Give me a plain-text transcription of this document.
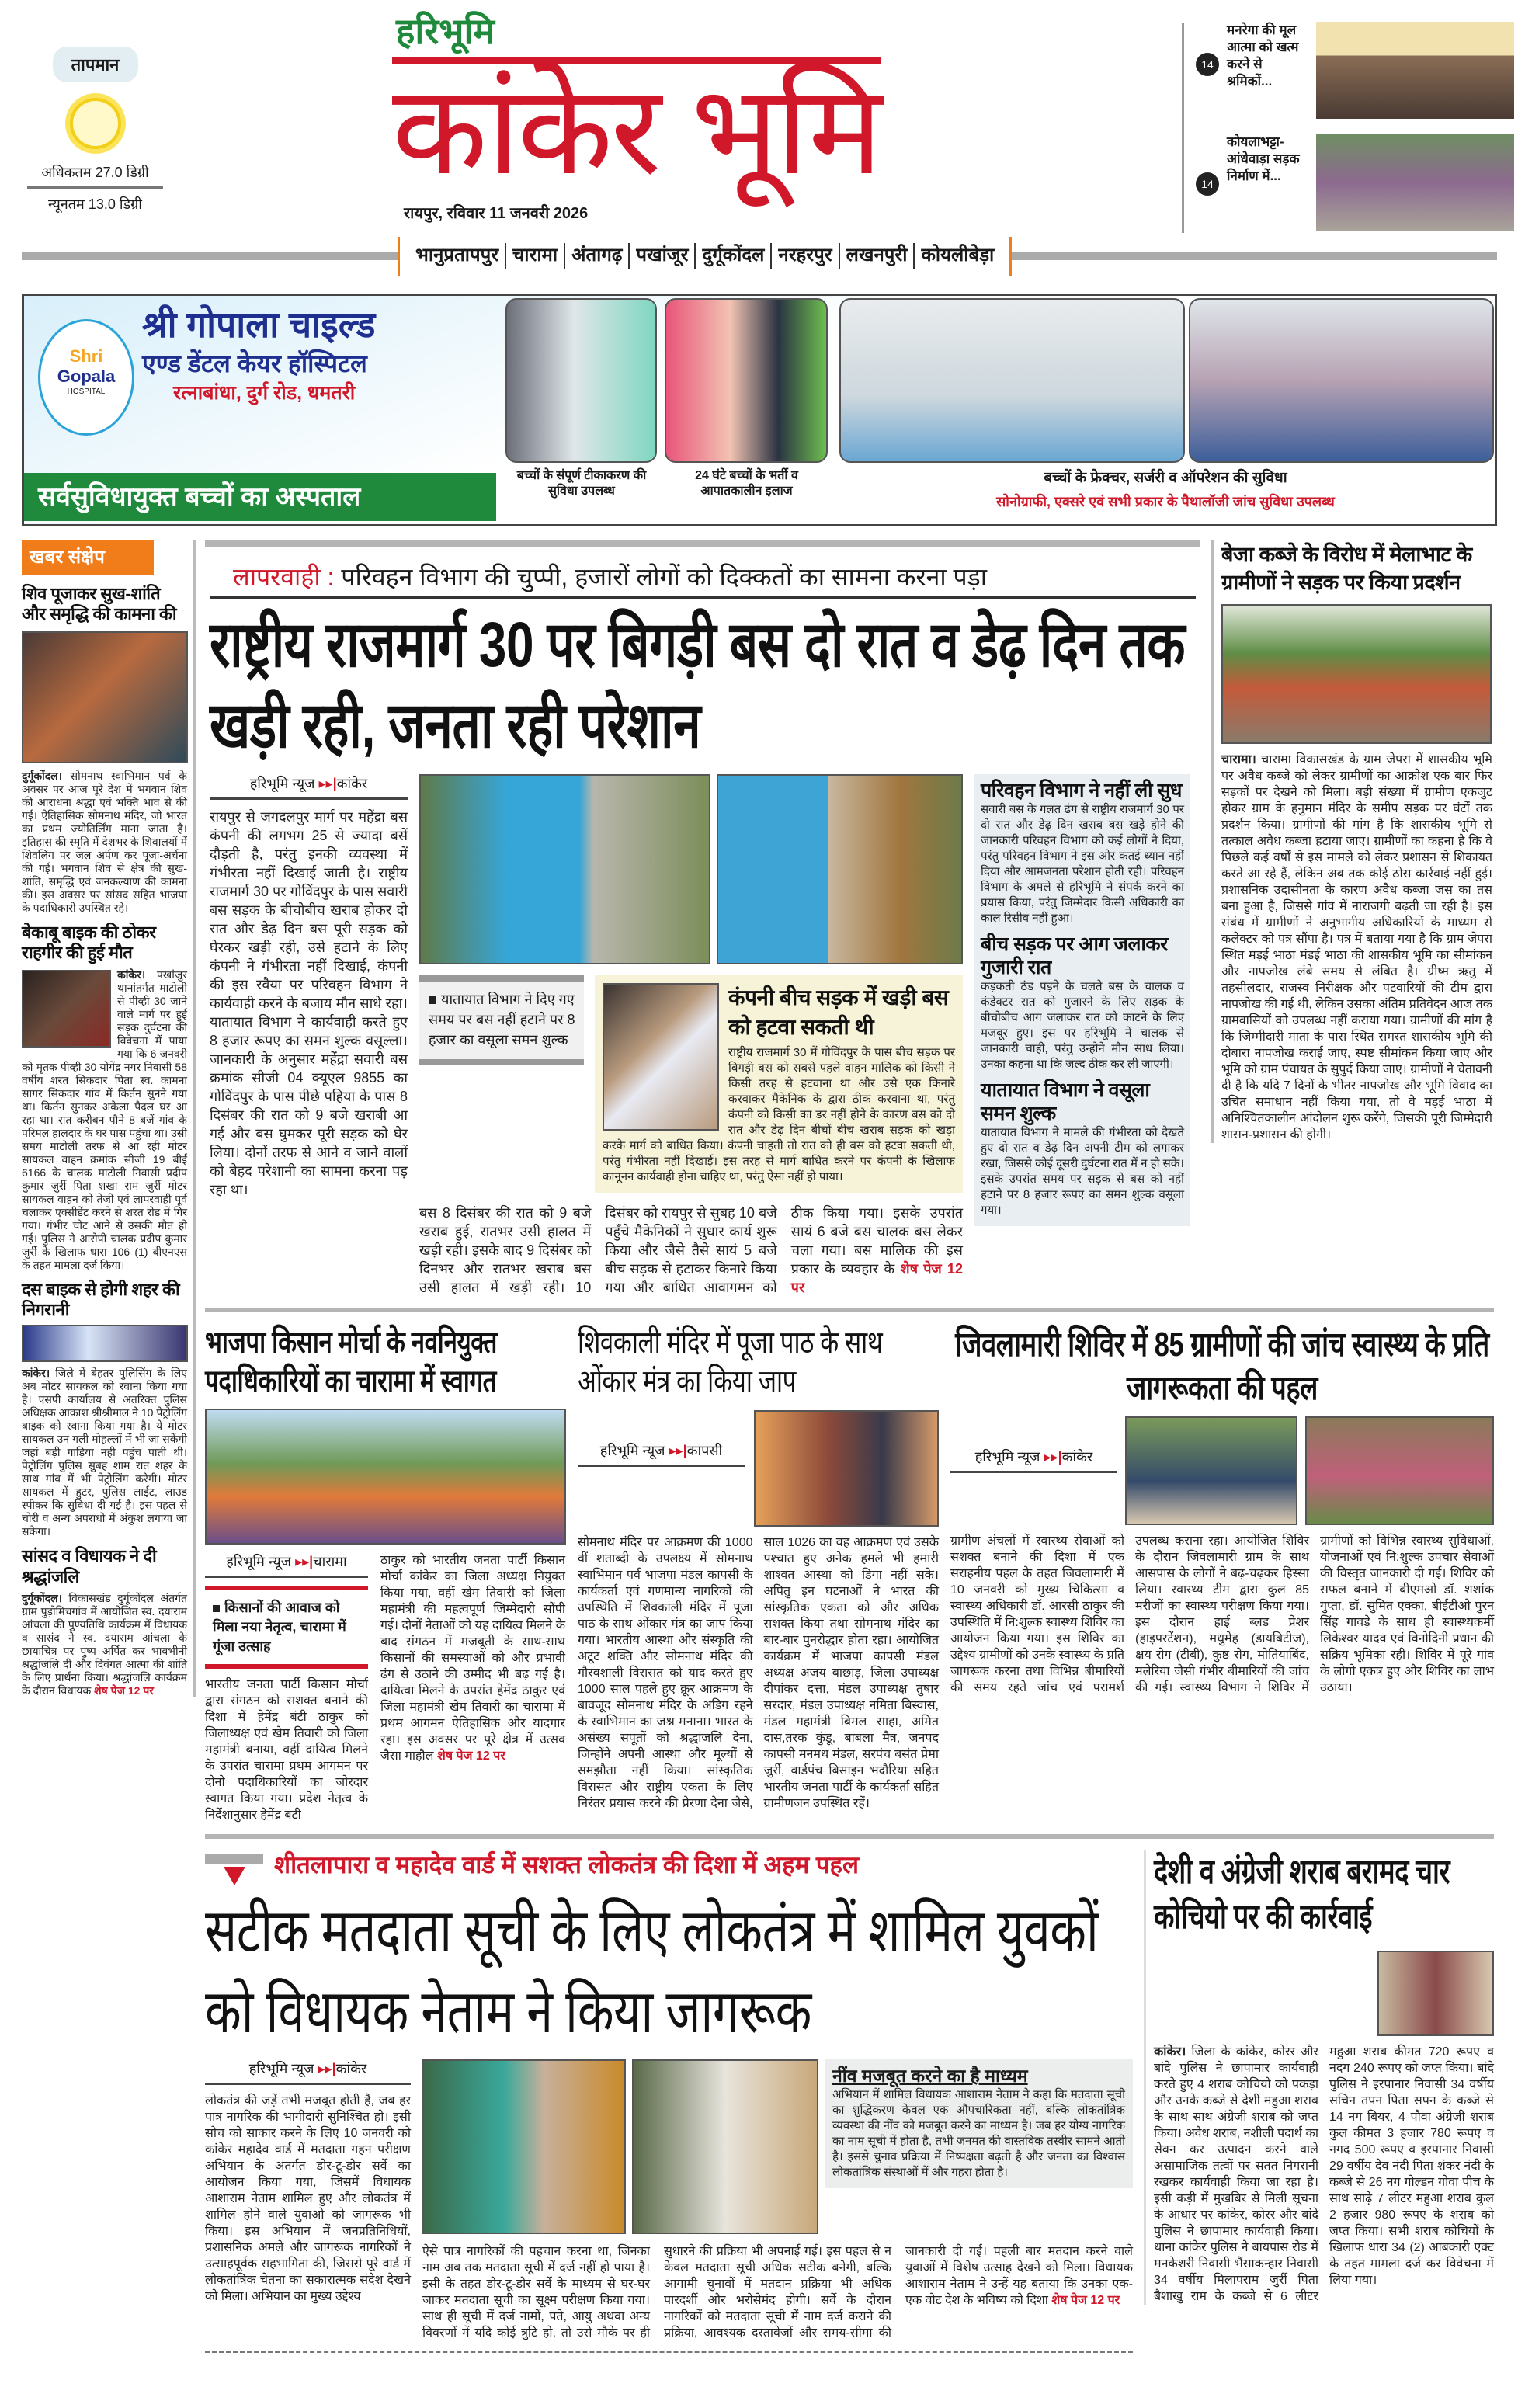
तापमान
अधिकतम 27.0 डिग्री
न्यूनतम 13.0 डिग्री
हरिभूमि
कांकेर भूमि
रायपुर, रविवार 11 जनवरी 2026
14
मनरेगा की मूल आत्मा को खत्म करने से श्रमिकों...
14
कोयलाभट्टा-आंधेवाड़ा सड़क निर्माण में...
भानुप्रतापपुर चारामा अंतागढ़ पखांजूर दुर्गूकोंदल नरहरपुर लखनपुरी कोयलीबेड़ा
Shri
Gopala
HOSPITAL
श्री गोपाला चाइल्ड
एण्ड डेंटल केयर हॉस्पिटल
रत्नाबांधा, दुर्ग रोड, धमतरी
सर्वसुविधायुक्त बच्चों का अस्पताल
बच्चों के संपूर्ण टीकाकरण की सुविधा उपलब्ध
24 घंटे बच्चों के भर्ती व आपातकालीन इलाज
बच्चों के फ्रेक्चर, सर्जरी व ऑपरेशन की सुविधा
सोनोग्राफी, एक्सरे एवं सभी प्रकार के पैथालॉजी जांच सुविधा उपलब्ध
खबर संक्षेप
शिव पूजाकर सुख-शांति और समृद्धि की कामना की

दुर्गूकोंदल। सोमनाथ स्वाभिमान पर्व के अवसर पर आज पूरे देश में भगवान शिव की आराधना श्रद्धा एवं भक्ति भाव से की गई। ऐतिहासिक सोमनाथ मंदिर, जो भारत का प्रथम ज्योतिर्लिंग माना जाता है। इतिहास की स्मृति में देशभर के शिवालयों में शिवलिंग पर जल अर्पण कर पूजा-अर्चना की गई। भगवान शिव से क्षेत्र की सुख-शांति, समृद्धि एवं जनकल्याण की कामना की। इस अवसर पर सांसद सहित भाजपा के पदाधिकारी उपस्थित रहे।

बेकाबू बाइक की ठोकर राहगीर की हुई मौत

कांकेर। पखांजुर थानांतर्गत माटोली से पीव्ही 30 जाने वाले मार्ग पर हुई सड़क दुर्घटना की विवेचना में पाया गया कि 6 जनवरी को मृतक पीव्ही 30 योगेंद्र नगर निवासी 58 वर्षीय शरत सिकदार पिता स्व. कामना सागर सिकदार गांव में किर्तन सुनने गया था। किर्तन सुनकर अकेला पैदल घर आ रहा था। रात करीबन पौने 8 बजें गांव के परिमल हालदार के घर पास पहुंचा था। उसी समय माटोली तरफ से आ रही मोटर सायकल वाहन क्रमांक सीजी 19 बीई 6166 के चालक माटोली निवासी प्रदीप कुमार जुर्री पिता शखा राम जुर्री मोटर सायकल वाहन को तेजी एवं लापरवाही पूर्व चलाकर एक्सीडेंट करने से शरत रोड में गिर गया। गंभीर चोट आने से उसकी मौत हो गई। पुलिस ने आरोपी चालक प्रदीप कुमार जुर्री के खिलाफ धारा 106 (1) बीएनएस के तहत मामला दर्ज किया।

दस बाइक से होगी शहर की निगरानी

कांकेर। जिले में बेहतर पुलिसिंग के लिए अब मोटर सायकल को रवाना किया गया है। एसपी कार्यालय से अतरिक्त पुलिस अधिक्षक आकाश श्रीश्रीमाल ने 10 पेट्रोलिंग बाइक को रवाना किया गया है। ये मोटर सायकल उन गली मोहल्लों में भी जा सकेंगी जहां बड़ी गाड़िया नही पहुंच पाती थी। पेट्रोलिंग पुलिस सुबह शाम रात शहर के साथ गांव में भी पेट्रोलिंग करेगी। मोटर सायकल में हुटर, पुलिस लाईट, लाउड स्पीकर कि सुविधा दी गई है। इस पहल से चोरी व अन्य अपराधो में अंकुश लगाया जा सकेगा।

सांसद व विधायक ने दी श्रद्धांजलि

दुर्गूकोंदल। विकासखंड दुर्गूकोंदल अंतर्गत ग्राम पुड़ोमिचगांव में आयोजित स्व. दयाराम आंचला की पुण्यतिथि कार्यक्रम में विधायक व सासंद ने स्व. दयाराम आंचला के छायाचित्र पर पुष्प अर्पित कर भावभीनी श्रद्धांजलि दी और दिवंगत आत्मा की शांति के लिए प्रार्थना किया। श्रद्धांजलि कार्यक्रम के दौरान विधायक शेष पेज 12 पर

लापरवाही : परिवहन विभाग की चुप्पी, हजारों लोगों को दिक्कतों का सामना करना पड़ा
राष्ट्रीय राजमार्ग 30 पर बिगड़ी बस दो रात व डेढ़ दिन तक खड़ी रही, जनता रही परेशान
हरिभूमि न्यूज ▸▸|कांकेर

रायपुर से जगदलपुर मार्ग पर महेंद्रा बस कंपनी की लगभग 25 से ज्यादा बसें दौड़ती है, परंतु इनकी व्यवस्था में गंभीरता नहीं दिखाई जाती है। राष्ट्रीय राजमार्ग 30 पर गोविंदपुर के पास सवारी बस सड़क के बीचोबीच खराब होकर दो रात और डेढ़ दिन बस पूरी सड़क को घेरकर खड़ी रही, उसे हटाने के लिए कंपनी ने गंभीरता नहीं दिखाई, कंपनी की इस रवैया पर परिवहन विभाग ने कार्यवाही करने के बजाय मौन साधे रहा। यातायात विभाग ने कार्यवाही करते हुए 8 हजार रूपए का समन शुल्क वसूल्ला। जानकारी के अनुसार महेंद्रा सवारी बस क्रमांक सीजी 04 क्यूएल 9855 का गोविंदपुर के पास पीछे पहिया के पास 8 दिसंबर की रात को 9 बजे खराबी आ गई और बस घुमकर पूरी सड़क को घेर लिया। दोनों तरफ से आने व जाने वालों को बेहद परेशानी का सामना करना पड़ रहा था।

यातायात विभाग ने दिए गए समय पर बस नहीं हटाने पर 8 हजार का वसूला समन शुल्क
कंपनी बीच सड़क में खड़ी बस को हटवा सकती थी

राष्ट्रीय राजमार्ग 30 में गोविंदपुर के पास बीच सड़क पर बिगड़ी बस को सबसे पहले वाहन मालिक को किसी ने किसी तरह से हटवाना था और उसे एक किनारे करवाकर मैकेनिक के द्वारा ठीक करवाना था, परंतु कंपनी को किसी का डर नहीं होने के कारण बस को दो रात और डेढ़ दिन बीचों बीच खराब सड़क को खड़ा करके मार्ग को बाधित किया। कंपनी चाहती तो रात को ही बस को हटवा सकती थी, परंतु गंभीरता नहीं दिखाई। इस तरह से मार्ग बाधित करने पर कंपनी के खिलाफ कानूनन कार्यवाही होना चाहिए था, परंतु ऐसा नहीं हो पाया।

बस 8 दिसंबर की रात को 9 बजे खराब हुई, रातभर उसी हालत में खड़ी रही। इसके बाद 9 दिसंबर को दिनभर और रातभर खराब बस उसी हालत में खड़ी रही। 10 दिसंबर को रायपुर से सुबह 10 बजे पहुँचे मैकेनिकों ने सुधार कार्य शुरू किया और जैसे तैसे सायं 5 बजे बीच सड़क से हटाकर किनारे किया गया और बाधित आवागमन को ठीक किया गया। इसके उपरांत सायं 6 बजे बस चालक बस लेकर चला गया। बस मालिक की इस प्रकार के व्यवहार के शेष पेज 12 पर

परिवहन विभाग ने नहीं ली सुध

सवारी बस के गलत ढंग से राष्ट्रीय राजमार्ग 30 पर दो रात और डेढ़ दिन खराब बस खड़े होने की जानकारी परिवहन विभाग को कई लोगों ने दिया, परंतु परिवहन विभाग ने इस ओर कतई ध्यान नहीं दिया और आमजनता परेशान होती रही। परिवहन विभाग के अमले से हरिभूमि ने संपर्क करने का प्रयास किया, परंतु जिम्मेदार किसी अधिकारी का काल रिसीव नहीं हुआ।

बीच सड़क पर आग जलाकर गुजारी रात

कड़कती ठंड पड़ने के चलते बस के चालक व कंडेक्टर रात को गुजारने के लिए सड़क के बीचोबीच आग जलाकर रात को काटने के लिए मजबूर हुए। इस पर हरिभूमि ने चालक से जानकारी चाही, परंतु उन्होने मौन साध लिया। उनका कहना था कि जल्द ठीक कर ली जाएगी।

यातायात विभाग ने वसूला समन शुल्क

यातायात विभाग ने मामले की गंभीरता को देखते हुए दो रात व डेढ़ दिन अपनी टीम को लगाकर रखा, जिससे कोई दूसरी दुर्घटना रात में न हो सके। इसके उपरांत समय पर सड़क से बस को नहीं हटाने पर 8 हजार रूपए का समन शुल्क वसूला गया।

बेजा कब्जे के विरोध में मेलाभाट के ग्रामीणों ने सड़क पर किया प्रदर्शन

चारामा। चारामा विकासखंड के ग्राम जेपरा में शासकीय भूमि पर अवैध कब्जे को लेकर ग्रामीणों का आक्रोश एक बार फिर सड़कों पर देखने को मिला। बड़ी संख्या में ग्रामीण एकजुट होकर ग्राम के हनुमान मंदिर के समीप सड़क पर घंटों तक प्रदर्शन किया। ग्रामीणों की मांग है कि शासकीय भूमि से तत्काल अवैध कब्जा हटाया जाए। ग्रामीणों का कहना है कि वे पिछले कई वर्षों से इस मामले को लेकर प्रशासन से शिकायत करते आ रहे हैं, लेकिन अब तक कोई ठोस कार्रवाई नहीं हुई। प्रशासनिक उदासीनता के कारण अवैध कब्जा जस का तस बना हुआ है, जिससे गांव में नाराजगी बढ़ती जा रही है। इस संबंध में ग्रामीणों ने अनुभागीय अधिकारियों के माध्यम से कलेक्टर को पत्र सौंपा है। पत्र में बताया गया है कि ग्राम जेपरा स्थित मड़ई भाठा मंडई भाठा की शासकीय भूमि का सीमांकन और नापजोख लंबे समय से लंबित है। ग्रीष्म ऋतु में तहसीलदार, राजस्व निरीक्षक और पटवारियों की टीम द्वारा नापजोख की गई थी, लेकिन उसका अंतिम प्रतिवेदन आज तक ग्रामवासियों को उपलब्ध नहीं कराया गया। ग्रामीणों की मांग है कि जिम्मीदारी माता के पास स्थित समस्त शासकीय भूमि की दोबारा नापजोख कराई जाए, स्पष्ट सीमांकन किया जाए और भूमि को ग्राम पंचायत के सुपुर्द किया जाए। ग्रामीणों ने चेतावनी दी है कि यदि 7 दिनों के भीतर नापजोख और भूमि विवाद का उचित समाधान नहीं किया गया, तो वे मड़ई भाठा में अनिश्चितकालीन आंदोलन शुरू करेंगे, जिसकी पूरी जिम्मेदारी शासन-प्रशासन की होगी।

भाजपा किसान मोर्चा के नवनियुक्त पदाधिकारियों का चारामा में स्वागत
हरिभूमि न्यूज ▸▸|चारामा
किसानों की आवाज को मिला नया नेतृत्व, चारामा में गूंजा उत्साह

भारतीय जनता पार्टी किसान मोर्चा द्वारा संगठन को सशक्त बनाने की दिशा में हेमेंद्र बंटी ठाकुर को जिलाध्यक्ष एवं खेम तिवारी को जिला महामंत्री बनाया, वहीं दायित्व मिलने के उपरांत चारामा प्रथम आगमन पर दोनो पदाधिकारियों का जोरदार स्वागत किया गया। प्रदेश नेतृत्व के निर्देशानुसार हेमेंद्र बंटी

ठाकुर को भारतीय जनता पार्टी किसान मोर्चा कांकेर का जिला अध्यक्ष नियुक्त किया गया, वहीं खेम तिवारी को जिला महामंत्री की महत्वपूर्ण जिम्मेदारी सौंपी गई। दोनों नेताओं को यह दायित्व मिलने के बाद संगठन में मजबूती के साथ-साथ किसानों की समस्याओं को और प्रभावी ढंग से उठाने की उम्मीद भी बढ़ गई है। दायित्वा मिलने के उपरांत हेमेंद्र ठाकुर एवं जिला महामंत्री खेम तिवारी का चारामा में प्रथम आगमन ऐतिहासिक और यादगार रहा। इस अवसर पर पूरे क्षेत्र में उत्सव जैसा माहौल शेष पेज 12 पर

शिवकाली मंदिर में पूजा पाठ के साथ ओंकार मंत्र का किया जाप
हरिभूमि न्यूज ▸▸|कापसी

सोमनाथ मंदिर पर आक्रमण की 1000 वीं शताब्दी के उपलक्ष्य में सोमनाथ स्वाभिमान पर्व भाजपा मंडल कापसी के कार्यकर्ता एवं गणमान्य नागरिकों की उपस्थिति में शिवकाली मंदिर में पूजा पाठ के साथ ओंकार मंत्र का जाप किया गया। भारतीय आस्था और संस्कृति की अटूट शक्ति और सोमनाथ मंदिर की गौरवशाली विरासत को याद करते हुए 1000 साल पहले हुए क्रूर आक्रमण के बावजूद सोमनाथ मंदिर के अडिग रहने के स्वाभिमान का जश्न मनाना। भारत के असंख्य सपूतों को श्रद्धांजलि देना, जिन्होंने अपनी आस्था और मूल्यों से समझौता नहीं किया। सांस्कृतिक विरासत और राष्ट्रीय एकता के लिए निरंतर प्रयास करने की प्रेरणा देना जैसे, साल 1026 का वह आक्रमण एवं उसके पश्चात हुए अनेक हमले भी हमारी शाश्वत आस्था को डिगा नहीं सके। अपितु इन घटनाओं ने भारत की सांस्कृतिक एकता को और अधिक सशक्त किया तथा सोमनाथ मंदिर का बार-बार पुनरोद्धार होता रहा। आयोजित कार्यक्रम में भाजपा कापसी मंडल अध्यक्ष अजय बाछाड़, जिला उपाध्यक्ष दीपांकर दत्ता, मंडल उपाध्यक्ष तुषार सरदार, मंडल उपाध्यक्ष नमिता बिस्वास, मंडल महामंत्री बिमल साहा, अमित दास,तरक कुंडू, बाबला मैत्र, जनपद कापसी मनमथ मंडल, सरपंच बसंत प्रेमा जुर्री, वार्डपंच बिसाइन भदौरिया सहित भारतीय जनता पार्टी के कार्यकर्ता सहित ग्रामीणजन उपस्थित रहें।

जिवलामारी शिविर में 85 ग्रामीणों की जांच स्वास्थ्य के प्रति जागरूकता की पहल
हरिभूमि न्यूज ▸▸|कांकेर

ग्रामीण अंचलों में स्वास्थ्य सेवाओं को सशक्त बनाने की दिशा में एक सराहनीय पहल के तहत जिवलामारी में 10 जनवरी को मुख्य चिकित्सा व स्वास्थ्य अधिकारी डॉ. आरसी ठाकुर की उपस्थिति में नि:शुल्क स्वास्थ्य शिविर का आयोजन किया गया। इस शिविर का उद्देश्य ग्रामीणों को उनके स्वास्थ्य के प्रति जागरूक करना तथा विभिन्न बीमारियों की समय रहते जांच एवं परामर्श उपलब्ध कराना रहा। आयोजित शिविर के दौरान जिवलामारी ग्राम के साथ आसपास के लोगों ने बढ़-चढ़कर हिस्सा लिया। स्वास्थ्य टीम द्वारा कुल 85 मरीजों का स्वास्थ्य परीक्षण किया गया। इस दौरान हाई ब्लड प्रेशर (हाइपरटेंशन), मधुमेह (डायबिटीज), क्षय रोग (टीबी), कुष्ठ रोग, मोतियाबिंद, मलेरिया जैसी गंभीर बीमारियों की जांच की गई। स्वास्थ्य विभाग ने शिविर में ग्रामीणों को विभिन्न स्वास्थ्य सुविधाओं, योजनाओं एवं नि:शुल्क उपचार सेवाओं की विस्तृत जानकारी दी गई। शिविर को सफल बनाने में बीएमओ डॉ. शशांक गुप्ता, डॉ. सुमित एक्का, बीईटीओ पुरन सिंह गावड़े के साथ ही स्वास्थ्यकर्मी लिकेश्वर यादव एवं विनोदिनी प्रधान की सक्रिय भूमिका रही। शिविर में पूरे गांव के लोगो एकत्र हुए और शिविर का लाभ उठाया।

शीतलापारा व महादेव वार्ड में सशक्त लोकतंत्र की दिशा में अहम पहल
सटीक मतदाता सूची के लिए लोकतंत्र में शामिल युवकों को विधायक नेताम ने किया जागरूक
हरिभूमि न्यूज ▸▸|कांकेर

लोकतंत्र की जड़ें तभी मजबूत होती हैं, जब हर पात्र नागरिक की भागीदारी सुनिश्चित हो। इसी सोच को साकार करने के लिए 10 जनवरी को कांकेर महादेव वार्ड में मतदाता गहन परीक्षण अभियान के अंतर्गत डोर-टू-डोर सर्वे का आयोजन किया गया, जिसमें विधायक आशाराम नेताम शामिल हुए और लोकतंत्र में शामिल होने वाले युवाओ को जागरूक भी किया। इस अभियान में जनप्रतिनिधियों, प्रशासनिक अमले और जागरूक नागरिकों ने उत्साहपूर्वक सहभागिता की, जिससे पूरे वार्ड में लोकतांत्रिक चेतना का सकारात्मक संदेश देखने को मिला। अभियान का मुख्य उद्देश्य

नींव मजबूत करने का है माध्यम

अभियान में शामिल विधायक आशाराम नेताम ने कहा कि मतदाता सूची का शुद्धिकरण केवल एक औपचारिकता नहीं, बल्कि लोकतांत्रिक व्यवस्था की नींव को मजबूत करने का माध्यम है। जब हर योग्य नागरिक का नाम सूची में होता है, तभी जनमत की वास्तविक तस्वीर सामने आती है। इससे चुनाव प्रक्रिया में निष्पक्षता बढ़ती है और जनता का विश्वास लोकतांत्रिक संस्थाओं में और गहरा होता है।

ऐसे पात्र नागरिकों की पहचान करना था, जिनका नाम अब तक मतदाता सूची में दर्ज नहीं हो पाया है। इसी के तहत डोर-टू-डोर सर्वे के माध्यम से घर-घर जाकर मतदाता सूची का सूक्ष्म परीक्षण किया गया। साथ ही सूची में दर्ज नामों, पते, आयु अथवा अन्य विवरणों में यदि कोई त्रुटि हो, तो उसे मौके पर ही सुधारने की प्रक्रिया भी अपनाई गई। इस पहल से न केवल मतदाता सूची अधिक सटीक बनेगी, बल्कि आगामी चुनावों में मतदान प्रक्रिया भी अधिक पारदर्शी और भरोसेमंद होगी। सर्वे के दौरान नागरिकों को मतदाता सूची में नाम दर्ज कराने की प्रक्रिया, आवश्यक दस्तावेजों और समय-सीमा की जानकारी दी गई। पहली बार मतदान करने वाले युवाओं में विशेष उत्साह देखने को मिला। विधायक आशाराम नेताम ने उन्हें यह बताया कि उनका एक-एक वोट देश के भविष्य को दिशा शेष पेज 12 पर

देशी व अंग्रेजी शराब बरामद चार कोचियो पर की कार्रवाई

कांकेर। जिला के कांकेर, कोरर और बांदे पुलिस ने छापामार कार्यवाही करते हुए 4 शराब कोचियो को पकड़ा और उनके कब्जे से देशी महुआ शराब के साथ साथ अंग्रेजी शराब को जप्त किया। अवैध शराब, नशीली पदार्थ का सेवन कर उत्पादन करने वाले असामाजिक तत्वों पर सतत निगरानी रखकर कार्यवाही किया जा रहा है। इसी कड़ी में मुखबिर से मिली सूचना के आधार पर कांकेर, कोरर और बांदे पुलिस ने छापामार कार्यवाही किया। थाना कांकेर पुलिस ने बायपास रोड में मनकेशरी निवासी भैंसाकन्हार निवासी 34 वर्षीय मिलापराम जुर्री पिता बैशाखु राम के कब्जे से 6 लीटर महुआ शराब कीमत 720 रूपए व नदग 240 रूपए को जप्त किया। बांदे पुलिस ने इरपानार निवासी 34 वर्षीय सचिन तपन पिता सपन के कब्जे से 14 नग बियर, 4 पौवा अंग्रेजी शराब कुल कीमत 3 हजार 780 रूपए व नगद 500 रूपए व इरपानार निवासी 29 वर्षीय देव नंदी पिता शंकर नंदी के कब्जे से 26 नग गोल्डन गोवा पीच के साथ साढ़े 7 लीटर महुआ शराब कुल 2 हजार 980 रूपए के शराब को जप्त किया। सभी शराब कोचियों के खिलाफ धारा 34 (2) आबकारी एक्ट के तहत मामला दर्ज कर विवेचना में लिया गया।
